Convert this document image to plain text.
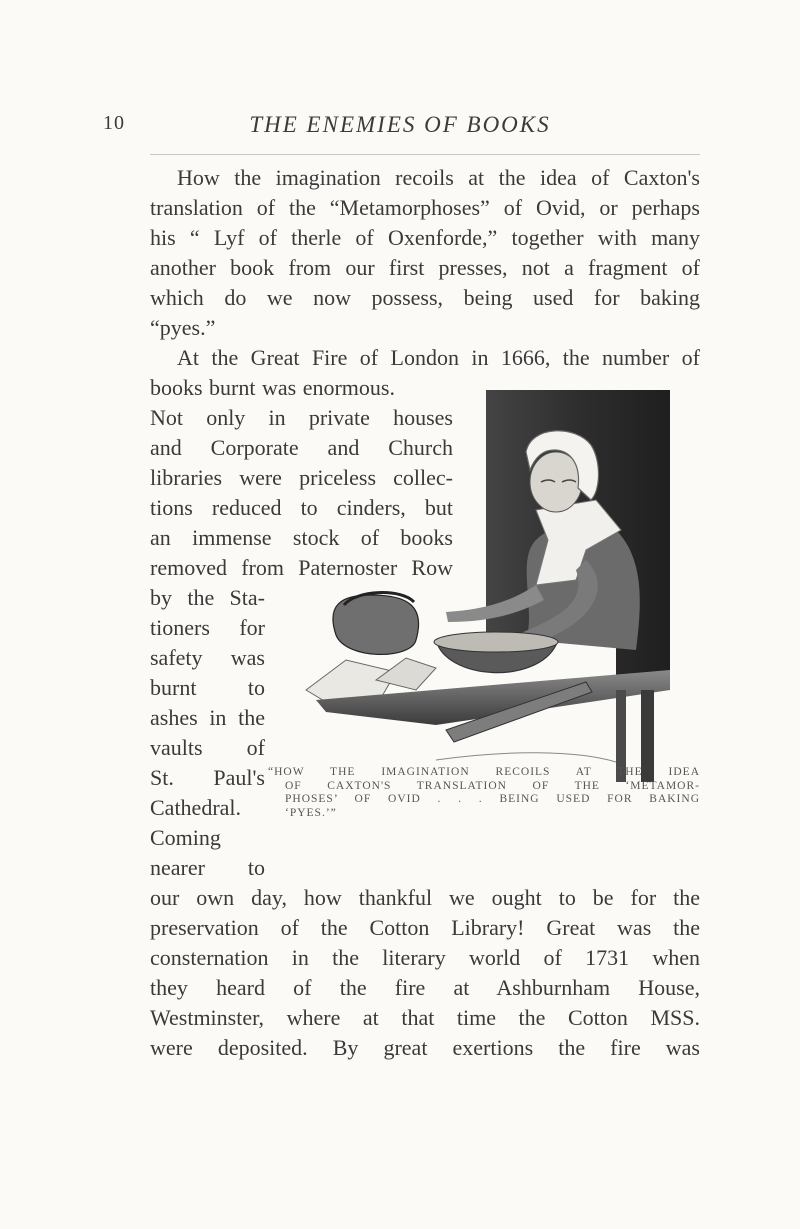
10	THE ENEMIES OF BOOKS
How the imagination recoils at the idea of Caxton's
translation of the “Metamorphoses” of Ovid, or perhaps
his “ Lyf of therle of Oxenforde,” together with many
another book from our first presses, not a fragment of
which do we now possess, being used for baking
“pyes.”
At the Great Fire of London in 1666, the number of
books burnt was enormous.
Not only in private houses
and Corporate and Church
libraries were priceless collec-
tions reduced to cinders, but
an immense stock of books
removed from Paternoster Row
by the Sta-
tioners for
safety was
burnt to
ashes in the
vaults of
St. Paul's
Cathedral.
Coming
nearer to
our own day, how thankful we ought to be for the
preservation of the Cotton Library! Great was the
consternation in the literary world of 1731 when
they heard of the fire at Ashburnham House,
Westminster, where at that time the Cotton MSS.
were deposited. By great exertions the fire was
“HOW THE IMAGINATION RECOILS AT THE IDEA
OF CAXTON'S TRANSLATION OF THE ‘METAMOR-
PHOSES’ OF OVID . . . BEING USED FOR BAKING
‘PYES.’”
